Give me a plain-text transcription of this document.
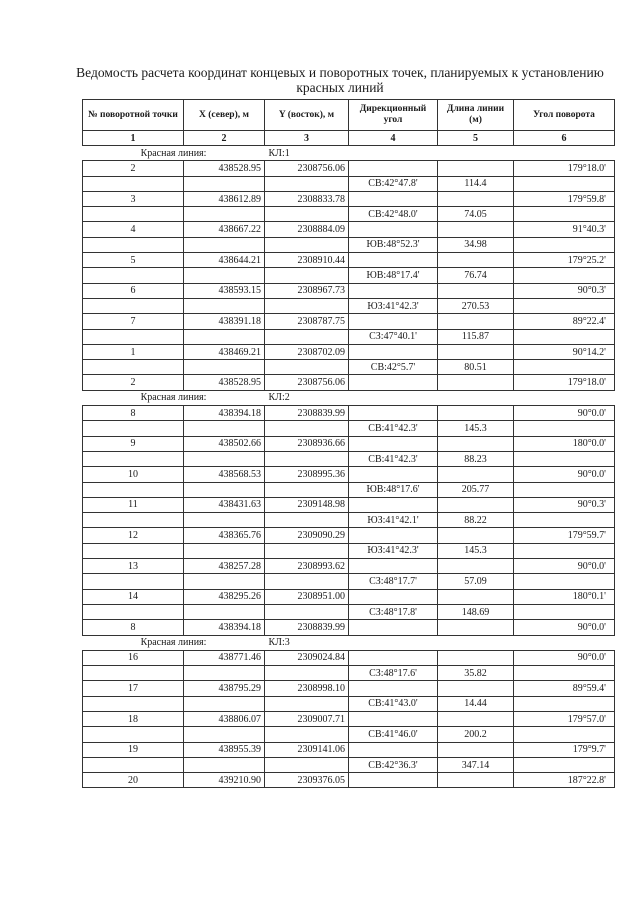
Ведомость расчета координат концевых и поворотных точек, планируемых к установлению красных линий
№ поворотной точки	X (север), м	Y (восток), м	Дирекционный угол	Длина линии (м)	Угол поворота
1	2	3	4	5	6
Красная линия:		КЛ:1			
2	438528.95	2308756.06			179°18.0'
			СВ:42°47.8'	114.4	
3	438612.89	2308833.78			179°59.8'
			СВ:42°48.0'	74.05	
4	438667.22	2308884.09			91°40.3'
			ЮВ:48°52.3'	34.98	
5	438644.21	2308910.44			179°25.2'
			ЮВ:48°17.4'	76.74	
6	438593.15	2308967.73			90°0.3'
			ЮЗ:41°42.3'	270.53	
7	438391.18	2308787.75			89°22.4'
			СЗ:47°40.1'	115.87	
1	438469.21	2308702.09			90°14.2'
			СВ:42°5.7'	80.51	
2	438528.95	2308756.06			179°18.0'
Красная линия:		КЛ:2			
8	438394.18	2308839.99			90°0.0'
			СВ:41°42.3'	145.3	
9	438502.66	2308936.66			180°0.0'
			СВ:41°42.3'	88.23	
10	438568.53	2308995.36			90°0.0'
			ЮВ:48°17.6'	205.77	
11	438431.63	2309148.98			90°0.3'
			ЮЗ:41°42.1'	88.22	
12	438365.76	2309090.29			179°59.7'
			ЮЗ:41°42.3'	145.3	
13	438257.28	2308993.62			90°0.0'
			СЗ:48°17.7'	57.09	
14	438295.26	2308951.00			180°0.1'
			СЗ:48°17.8'	148.69	
8	438394.18	2308839.99			90°0.0'
Красная линия:		КЛ:3			
16	438771.46	2309024.84			90°0.0'
			СЗ:48°17.6'	35.82	
17	438795.29	2308998.10			89°59.4'
			СВ:41°43.0'	14.44	
18	438806.07	2309007.71			179°57.0'
			СВ:41°46.0'	200.2	
19	438955.39	2309141.06			179°9.7'
			СВ:42°36.3'	347.14	
20	439210.90	2309376.05			187°22.8'
